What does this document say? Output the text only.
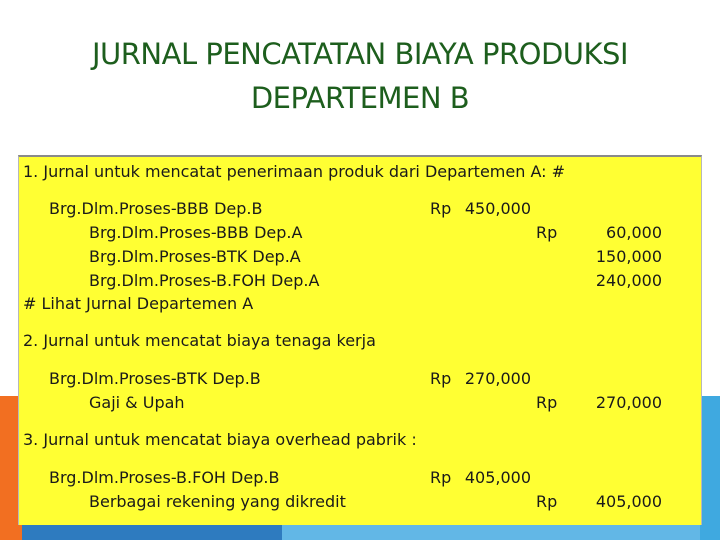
JURNAL PENCATATAN BIAYA PRODUKSI
DEPARTEMEN B
1. Jurnal untuk mencatat penerimaan produk dari Departemen A: #
Brg.Dlm.Proses-BBB Dep.B	Rp 450,000
Brg.Dlm.Proses-BBB Dep.A	Rp	60,000
Brg.Dlm.Proses-BTK Dep.A	150,000
Brg.Dlm.Proses-B.FOH Dep.A	240,000
# Lihat Jurnal Departemen A
2. Jurnal untuk mencatat biaya tenaga kerja
Brg.Dlm.Proses-BTK Dep.B	Rp 270,000
Gaji & Upah	Rp	270,000
3. Jurnal untuk mencatat biaya overhead pabrik :
Brg.Dlm.Proses-B.FOH Dep.B	Rp 405,000
Berbagai rekening yang dikredit	Rp	405,000
